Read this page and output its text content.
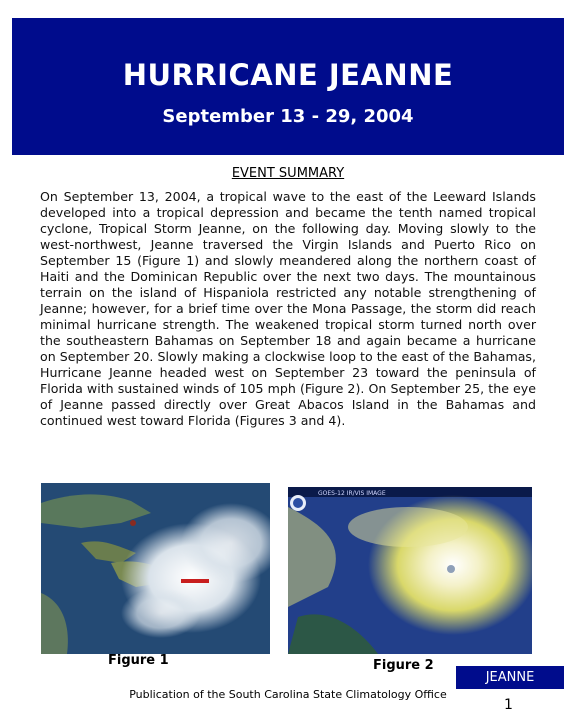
HURRICANE JEANNE
September 13 - 29, 2004
EVENT SUMMARY

On September 13, 2004, a tropical wave to the east of the Leeward Islands developed into a tropical depression and became the tenth named tropical cyclone, Tropical Storm Jeanne, on the following day. Moving slowly to the west-northwest, Jeanne traversed the Virgin Islands and Puerto Rico on September 15 (Figure 1) and slowly meandered along the northern coast of Haiti and the Dominican Republic over the next two days. The mountainous terrain on the island of Hispaniola restricted any notable strengthening of Jeanne; however, for a brief time over the Mona Passage, the storm did reach minimal hurricane strength. The weakened tropical storm turned north over the southeastern Bahamas on September 18 and again became a hurricane on September 20. Slowly making a clockwise loop to the east of the Bahamas, Hurricane Jeanne headed west on September 23 toward the peninsula of Florida with sustained winds of 105 mph (Figure 2). On September 25, the eye of Jeanne passed directly over Great Abacos Island in the Bahamas and continued west toward Florida (Figures 3 and 4).

Figure 1
GOES-12 IR/VIS IMAGE
Figure 2
JEANNE
Publication of the South Carolina State Climatology Office
1
